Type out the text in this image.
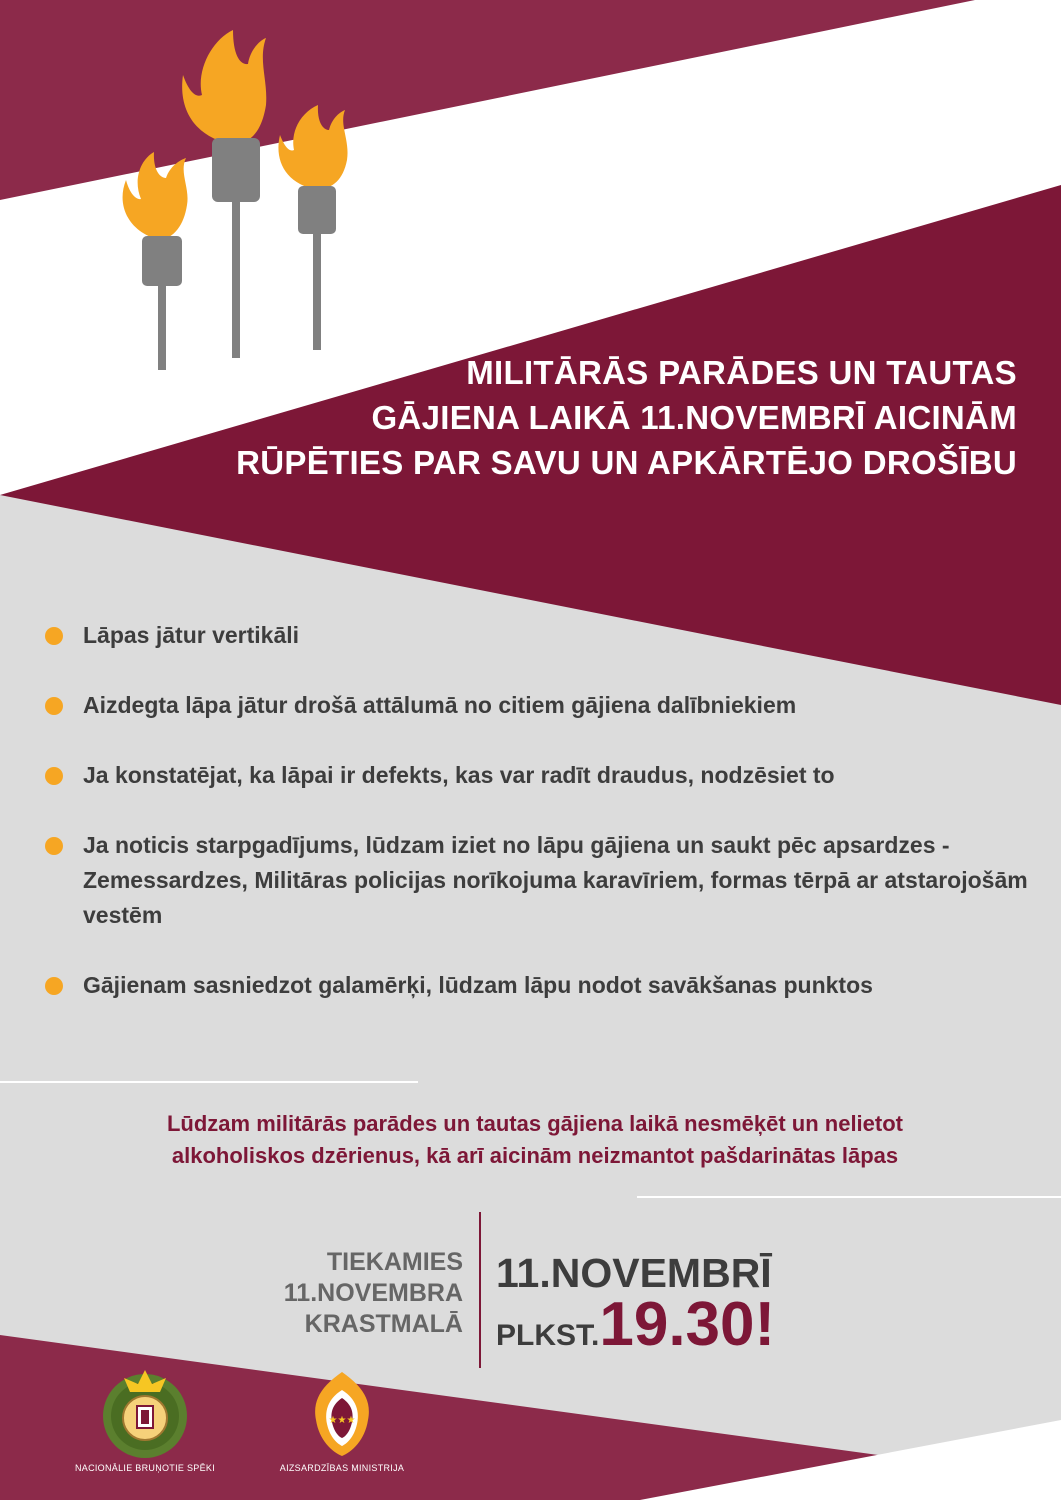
★★★
MILITĀRĀS PARĀDES UN TAUTAS
GĀJIENA LAIKĀ 11.NOVEMBRĪ AICINĀM
RŪPĒTIES PAR SAVU UN APKĀRTĒJO DROŠĪBU
Lāpas jātur vertikāli
Aizdegta lāpa jātur drošā attālumā no citiem gājiena dalībniekiem
Ja konstatējat, ka lāpai ir defekts, kas var radīt draudus, nodzēsiet to
Ja noticis starpgadījums, lūdzam iziet no lāpu gājiena un saukt pēc apsardzes - Zemessardzes, Militāras policijas norīkojuma karavīriem, formas tērpā ar atstarojošām vestēm
Gājienam sasniedzot galamērķi, lūdzam lāpu nodot savākšanas punktos
Lūdzam militārās parādes un tautas gājiena laikā nesmēķēt un nelietot
alkoholiskos dzērienus, kā arī aicinām neizmantot pašdarinātas lāpas
TIEKAMIES
11.NOVEMBRA
KRASTMALĀ
11.NOVEMBRĪ
PLKST.19.30!
NACIONĀLIE BRUŅOTIE SPĒKI	AIZSARDZĪBAS MINISTRIJA
